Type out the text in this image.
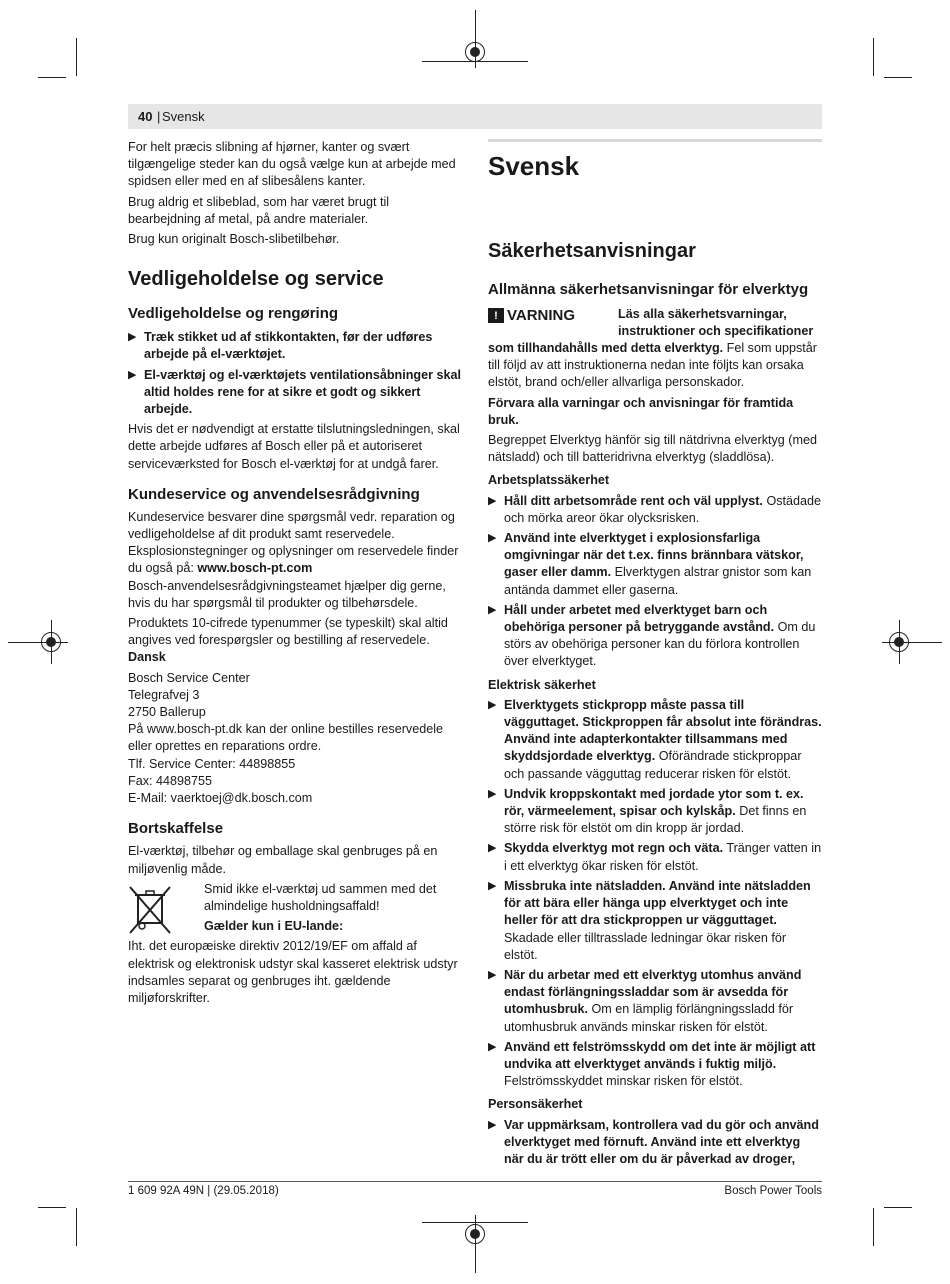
40 | Svensk

For helt præcis slibning af hjørner, kanter og svært tilgængelige steder kan du også vælge kun at arbejde med spidsen eller med en af slibesålens kanter.

Brug aldrig et slibeblad, som har været brugt til bearbejdning af metal, på andre materialer.

Brug kun originalt Bosch-slibetilbehør.

Vedligeholdelse og service
Vedligeholdelse og rengøring
▶ Træk stikket ud af stikkontakten, før der udføres arbejde på el-værktøjet.
▶ El-værktøj og el-værktøjets ventilationsåbninger skal altid holdes rene for at sikre et godt og sikkert arbejde.

Hvis det er nødvendigt at erstatte tilslutningsledningen, skal dette arbejde udføres af Bosch eller på et autoriseret serviceværksted for Bosch el-værktøj for at undgå farer.

Kundeservice og anvendelsesrådgivning

Kundeservice besvarer dine spørgsmål vedr. reparation og vedligeholdelse af dit produkt samt reservedele. Eksplosionstegninger og oplysninger om reservedele finder du også på: www.bosch-pt.com

Bosch-anvendelsesrådgivningsteamet hjælper dig gerne, hvis du har spørgsmål til produkter og tilbehørsdele.

Produktets 10-cifrede typenummer (se typeskilt) skal altid angives ved forespørgsler og bestilling af reservedele.

Dansk
Bosch Service Center
Telegrafvej 3
2750 Ballerup
På www.bosch-pt.dk kan der online bestilles reservedele eller oprettes en reparations ordre.
Tlf. Service Center: 44898855
Fax: 44898755
E-Mail: vaerktoej@dk.bosch.com
Bortskaffelse

El-værktøj, tilbehør og emballage skal genbruges på en miljøvenlig måde.

Smid ikke el-værktøj ud sammen med det almindelige husholdningsaffald!

Gælder kun i EU-lande:

Iht. det europæiske direktiv 2012/19/EF om affald af elektrisk og elektronisk udstyr skal kasseret elektrisk udstyr indsamles separat og genbruges iht. gældende miljøforskrifter.

Svensk
Säkerhetsanvisningar
Allmänna säkerhetsanvisningar för elverktyg
! VARNING	Läs alla säkerhetsvarningar, instruktioner och specifikationer

som tillhandahålls med detta elverktyg. Fel som uppstår till följd av att instruktionerna nedan inte följts kan orsaka elstöt, brand och/eller allvarliga personskador.

Förvara alla varningar och anvisningar för framtida bruk.

Begreppet Elverktyg hänför sig till nätdrivna elverktyg (med nätsladd) och till batteridrivna elverktyg (sladdlösa).

Arbetsplatssäkerhet
▶ Håll ditt arbetsområde rent och väl upplyst. Ostädade och mörka areor ökar olycksrisken.
▶ Använd inte elverktyget i explosionsfarliga omgivningar när det t.ex. finns brännbara vätskor, gaser eller damm. Elverktygen alstrar gnistor som kan antända dammet eller gaserna.
▶ Håll under arbetet med elverktyget barn och obehöriga personer på betryggande avstånd. Om du störs av obehöriga personer kan du förlora kontrollen över elverktyget.
Elektrisk säkerhet
▶ Elverktygets stickpropp måste passa till vägguttaget. Stickproppen får absolut inte förändras. Använd inte adapterkontakter tillsammans med skyddsjordade elverktyg. Oförändrade stickproppar och passande vägguttag reducerar risken för elstöt.
▶ Undvik kroppskontakt med jordade ytor som t. ex. rör, värmeelement, spisar och kylskåp. Det finns en större risk för elstöt om din kropp är jordad.
▶ Skydda elverktyg mot regn och väta. Tränger vatten in i ett elverktyg ökar risken för elstöt.
▶ Missbruka inte nätsladden. Använd inte nätsladden för att bära eller hänga upp elverktyget och inte heller för att dra stickproppen ur vägguttaget. Skadade eller tilltrasslade ledningar ökar risken för elstöt.
▶ När du arbetar med ett elverktyg utomhus använd endast förlängningssladdar som är avsedda för utomhusbruk. Om en lämplig förlängningssladd för utomhusbruk används minskar risken för elstöt.
▶ Använd ett felströmsskydd om det inte är möjligt att undvika att elverktyget används i fuktig miljö. Felströmsskyddet minskar risken för elstöt.
Personsäkerhet
▶ Var uppmärksam, kontrollera vad du gör och använd elverktyget med förnuft. Använd inte ett elverktyg när du är trött eller om du är påverkad av droger,
1 609 92A 49N | (29.05.2018)	Bosch Power Tools
